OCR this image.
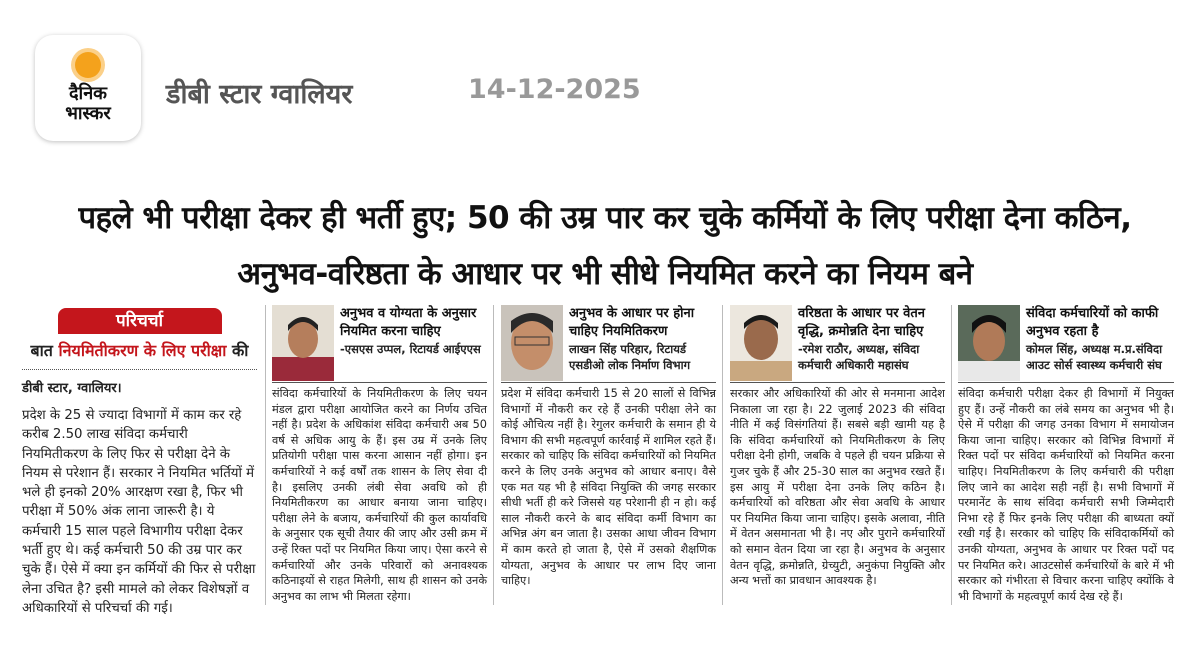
दैनिक
भास्कर
डीबी स्टार ग्वालियर	14-12-2025
पहले भी परीक्षा देकर ही भर्ती हुए; 50 की उम्र पार कर चुके कर्मियों के लिए परीक्षा देना कठिन, अनुभव-वरिष्ठता के आधार पर भी सीधे नियमित करने का नियम बने
परिचर्चा
बात नियमितीकरण के लिए परीक्षा की
डीबी स्टार, ग्वालियर।
प्रदेश के 25 से ज्यादा विभागों में काम कर रहे करीब 2.50 लाख संविदा कर्मचारी नियमितीकरण के लिए फिर से परीक्षा देने के नियम से परेशान हैं। सरकार ने नियमित भर्तियों में भले ही इनको 20% आरक्षण रखा है, फिर भी परीक्षा में 50% अंक लाना जारूरी है। ये कर्मचारी 15 साल पहले विभागीय परीक्षा देकर भर्ती हुए थे। कई कर्मचारी 50 की उम्र पार कर चुके हैं। ऐसे में क्या इन कर्मियों की फिर से परीक्षा लेना उचित है? इसी मामले को लेकर विशेषज्ञों व अधिकारियों से परिचर्चा की गई।
अनुभव व योग्यता के अनुसार नियमित करना चाहिए
-एसएस उप्पल, रिटायर्ड आईएएस
संविदा कर्मचारियों के नियमितीकरण के लिए चयन मंडल द्वारा परीक्षा आयोजित करने का निर्णय उचित नहीं है। प्रदेश के अधिकांश संविदा कर्मचारी अब 50 वर्ष से अधिक आयु के हैं। इस उम्र में उनके लिए प्रतियोगी परीक्षा पास करना आसान नहीं होगा। इन कर्मचारियों ने कई वर्षों तक शासन के लिए सेवा दी है। इसलिए उनकी लंबी सेवा अवधि को ही नियमितीकरण का आधार बनाया जाना चाहिए। परीक्षा लेने के बजाय, कर्मचारियों की कुल कार्यावधि के अनुसार एक सूची तैयार की जाए और उसी क्रम में उन्हें रिक्त पदों पर नियमित किया जाए। ऐसा करने से कर्मचारियों और उनके परिवारों को अनावश्यक कठिनाइयों से राहत मिलेगी, साथ ही शासन को उनके अनुभव का लाभ भी मिलता रहेगा।
अनुभव के आधार पर होना चाहिए नियमितिकरण
लाखन सिंह परिहार, रिटायर्ड एसडीओ लोक निर्माण विभाग
प्रदेश में संविदा कर्मचारी 15 से 20 सालों से विभिन्न विभागों में नौकरी कर रहे हैं उनकी परीक्षा लेने का कोई औचित्य नहीं है। रेगुलर कर्मचारी के समान ही ये विभाग की सभी महत्वपूर्ण कार्रवाई में शामिल रहते हैं। सरकार को चाहिए कि संविदा कर्मचारियों को नियमित करने के लिए उनके अनुभव को आधार बनाए। वैसे एक मत यह भी है संविदा नियुक्ति की जगह सरकार सीधी भर्ती ही करे जिससे यह परेशानी ही न हो। कई साल नौकरी करने के बाद संविदा कर्मी विभाग का अभिन्न अंग बन जाता है। उसका आधा जीवन विभाग में काम करते हो जाता है, ऐसे में उसको शैक्षणिक योग्यता, अनुभव के आधार पर लाभ दिए जाना चाहिए।
वरिष्ठता के आधार पर वेतन वृद्धि, क्रमोन्नति देना चाहिए
-रमेश राठौर, अध्यक्ष, संविदा कर्मचारी अधिकारी महासंघ
सरकार और अधिकारियों की ओर से मनमाना आदेश निकाला जा रहा है। 22 जुलाई 2023 की संविदा नीति में कई विसंगतियां हैं। सबसे बड़ी खामी यह है कि संविदा कर्मचारियों को नियमितीकरण के लिए परीक्षा देनी होगी, जबकि वे पहले ही चयन प्रक्रिया से गुजर चुके हैं और 25-30 साल का अनुभव रखते हैं। इस आयु में परीक्षा देना उनके लिए कठिन है। कर्मचारियों को वरिष्ठता और सेवा अवधि के आधार पर नियमित किया जाना चाहिए। इसके अलावा, नीति में वेतन असमानता भी है। नए और पुराने कर्मचारियों को समान वेतन दिया जा रहा है। अनुभव के अनुसार वेतन वृद्धि, क्रमोन्नति, ग्रेच्युटी, अनुकंपा नियुक्ति और अन्य भत्तों का प्रावधान आवश्यक है।
संविदा कर्मचारियों को काफी अनुभव रहता है
कोमल सिंह, अध्यक्ष म.प्र.संविदा आउट सोर्स स्वास्थ्य कर्मचारी संघ
संविदा कर्मचारी परीक्षा देकर ही विभागों में नियुक्त हुए हैं। उन्हें नौकरी का लंबे समय का अनुभव भी है। ऐसे में परीक्षा की जगह उनका विभाग में समायोजन किया जाना चाहिए। सरकार को विभिन्न विभागों में रिक्त पदों पर संविदा कर्मचारियों को नियमित करना चाहिए। नियमितीकरण के लिए कर्मचारी की परीक्षा लिए जाने का आदेश सही नहीं है। सभी विभागों में परमानेंट के साथ संविदा कर्मचारी सभी जिम्मेदारी निभा रहे हैं फिर इनके लिए परीक्षा की बाध्यता क्यों रखी गई है। सरकार को चाहिए कि संविदाकर्मियों को उनकी योग्यता, अनुभव के आधार पर रिक्त पदों पद पर नियमित करे। आउटसोर्स कर्मचारियों के बारे में भी सरकार को गंभीरता से विचार करना चाहिए क्योंकि वे भी विभागों के महत्वपूर्ण कार्य देख रहे हैं।
